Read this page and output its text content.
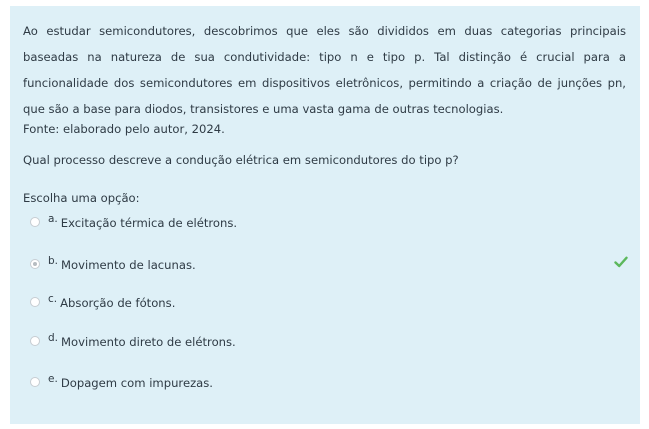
Ao estudar semicondutores, descobrimos que eles são divididos em duas categorias principais baseadas na natureza de sua condutividade: tipo n e tipo p. Tal distinção é crucial para a funcionalidade dos semicondutores em dispositivos eletrônicos, permitindo a criação de junções pn, que são a base para diodos, transistores e uma vasta gama de outras tecnologias.

Fonte: elaborado pelo autor, 2024.

Qual processo descreve a condução elétrica em semicondutores do tipo p?

Escolha uma opção:

a. Excitação térmica de elétrons.
b. Movimento de lacunas.
c. Absorção de fótons.
d. Movimento direto de elétrons.
e. Dopagem com impurezas.
